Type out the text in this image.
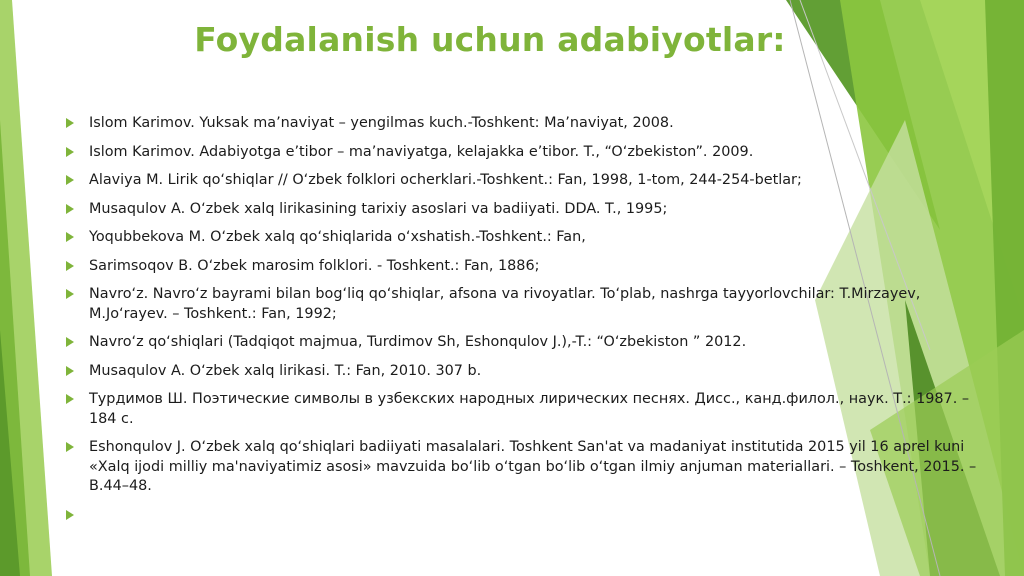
Foydalanish uchun adabiyotlar:
Islom Karimov. Yuksak ma’naviyat – yengilmas kuch.-Toshkent: Ma’naviyat, 2008.
Islom Karimov. Adabiyotga e’tibor – ma’naviyatga, kelajakka e’tibor. T., “O‘zbekiston”. 2009.
Alaviya M. Lirik qo‘shiqlar // O‘zbek folklori ocherklari.-Toshkent.: Fan, 1998, 1-tom, 244-254-betlar;
Musaqulov A. O‘zbek xalq lirikasining tarixiy asoslari va badiiyati. DDA. T., 1995;
Yoqubbekova M. O‘zbek xalq qo‘shiqlarida o‘xshatish.-Toshkent.: Fan,
Sarimsoqov B. O‘zbek marosim folklori. - Toshkent.: Fan, 1886;
Navro‘z. Navro‘z bayrami bilan bog‘liq qo‘shiqlar, afsona va rivoyatlar. To‘plab, nashrga tayyorlovchilar: T.Mirzayev, M.Jo‘rayev. – Toshkent.: Fan, 1992;
Navro‘z qo‘shiqlari (Tadqiqot majmua, Turdimov Sh, Eshonqulov J.),-T.: “O‘zbekiston ” 2012.
Musaqulov A. O‘zbek xalq lirikasi. T.: Fan, 2010. 307 b.
Турдимов Ш. Поэтические символы в узбекских народных лирических песнях. Дисс., канд.филол., наук. Т.: 1987. – 184 с.
Eshonqulov J. O‘zbek xalq qo‘shiqlari badiiyati masalalari. Toshkent San'at va madaniyat institutida 2015 yil 16 aprel kuni «Xalq ijodi milliy ma'naviyatimiz asosi» mavzuida bo‘lib o‘tgan bo‘lib o‘tgan ilmiy anjuman materiallari. – Toshkent, 2015. – B.44–48.
